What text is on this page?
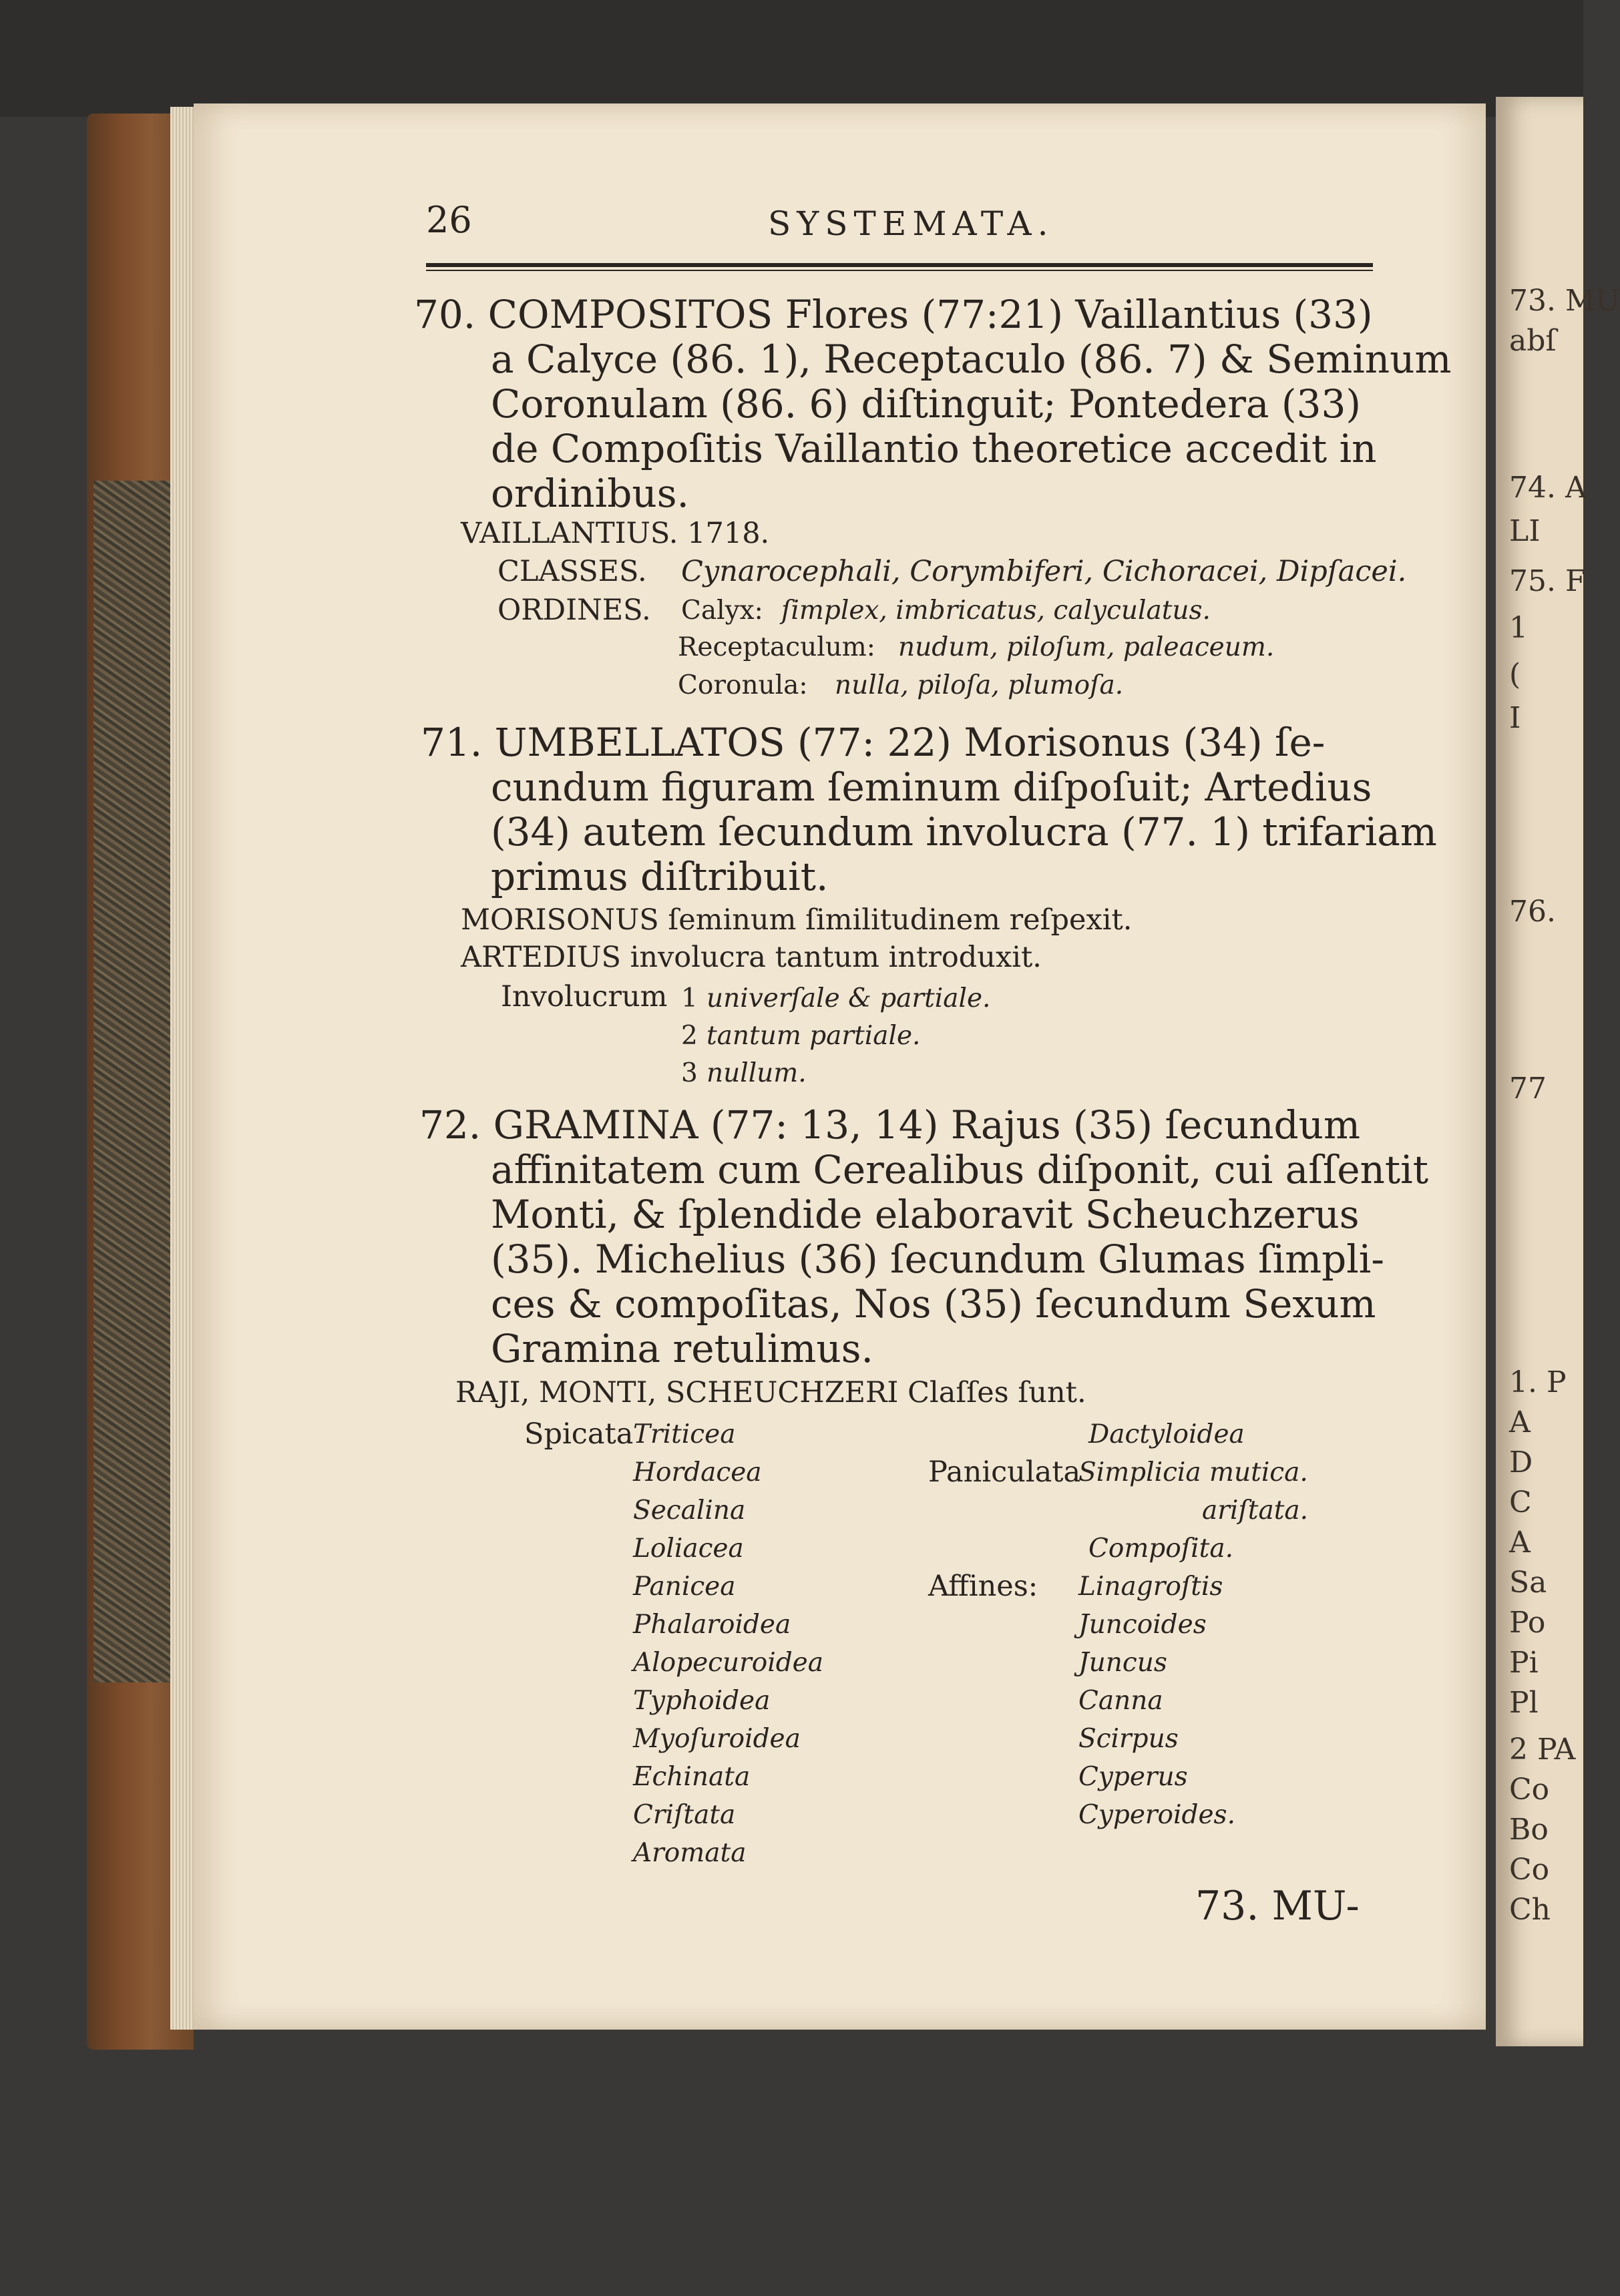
73. MU
abſ
74. A
LI
75. F
1
(
I
76.
77
1. P
A
D
C
A
Sa
Po
Pi
Pl
2 PA
Co
Bo
Co
Ch
26	SYSTEMATA.
70. COMPOSITOS Flores (77:21) Vaillantius (33)
a Calyce (86. 1), Receptaculo (86. 7) & Seminum
Coronulam (86. 6) diſtinguit; Pontedera (33)
de Compoſitis Vaillantio theoretice accedit in
ordinibus.
VAILLANTIUS. 1718.
CLASSES. Cynarocephali, Corymbiferi, Cichoracei, Dipſacei.
ORDINES. Calyx: ſimplex, imbricatus, calyculatus.
Receptaculum: nudum, piloſum, paleaceum.
Coronula: nulla, piloſa, plumoſa.
71. UMBELLATOS (77: 22) Morisonus (34) ſe-
cundum figuram ſeminum diſpoſuit; Artedius
(34) autem ſecundum involucra (77. 1) trifariam
primus diſtribuit.
MORISONUS ſeminum ſimilitudinem reſpexit.
ARTEDIUS involucra tantum introduxit.
Involucrum 1 univerſale & partiale.
2 tantum partiale.
3 nullum.
72. GRAMINA (77: 13, 14) Rajus (35) ſecundum
affinitatem cum Cerealibus diſponit, cui aſſentit
Monti, & ſplendide elaboravit Scheuchzerus
(35). Michelius (36) ſecundum Glumas ſimpli-
ces & compoſitas, Nos (35) ſecundum Sexum
Gramina retulimus.
RAJI, MONTI, SCHEUCHZERI Claſſes ſunt.
Spicata Triticea
Hordacea
Secalina
Loliacea
Panicea
Phalaroidea
Alopecuroidea
Typhoidea
Myoſuroidea
Echinata
Criſtata
Aromata
Dactyloidea
Paniculata
Simplicia mutica.
ariſtata.
Compoſita.
Affines: Linagroſtis
Juncoides
Juncus
Canna
Scirpus
Cyperus
Cyperoides.
73. MU-
